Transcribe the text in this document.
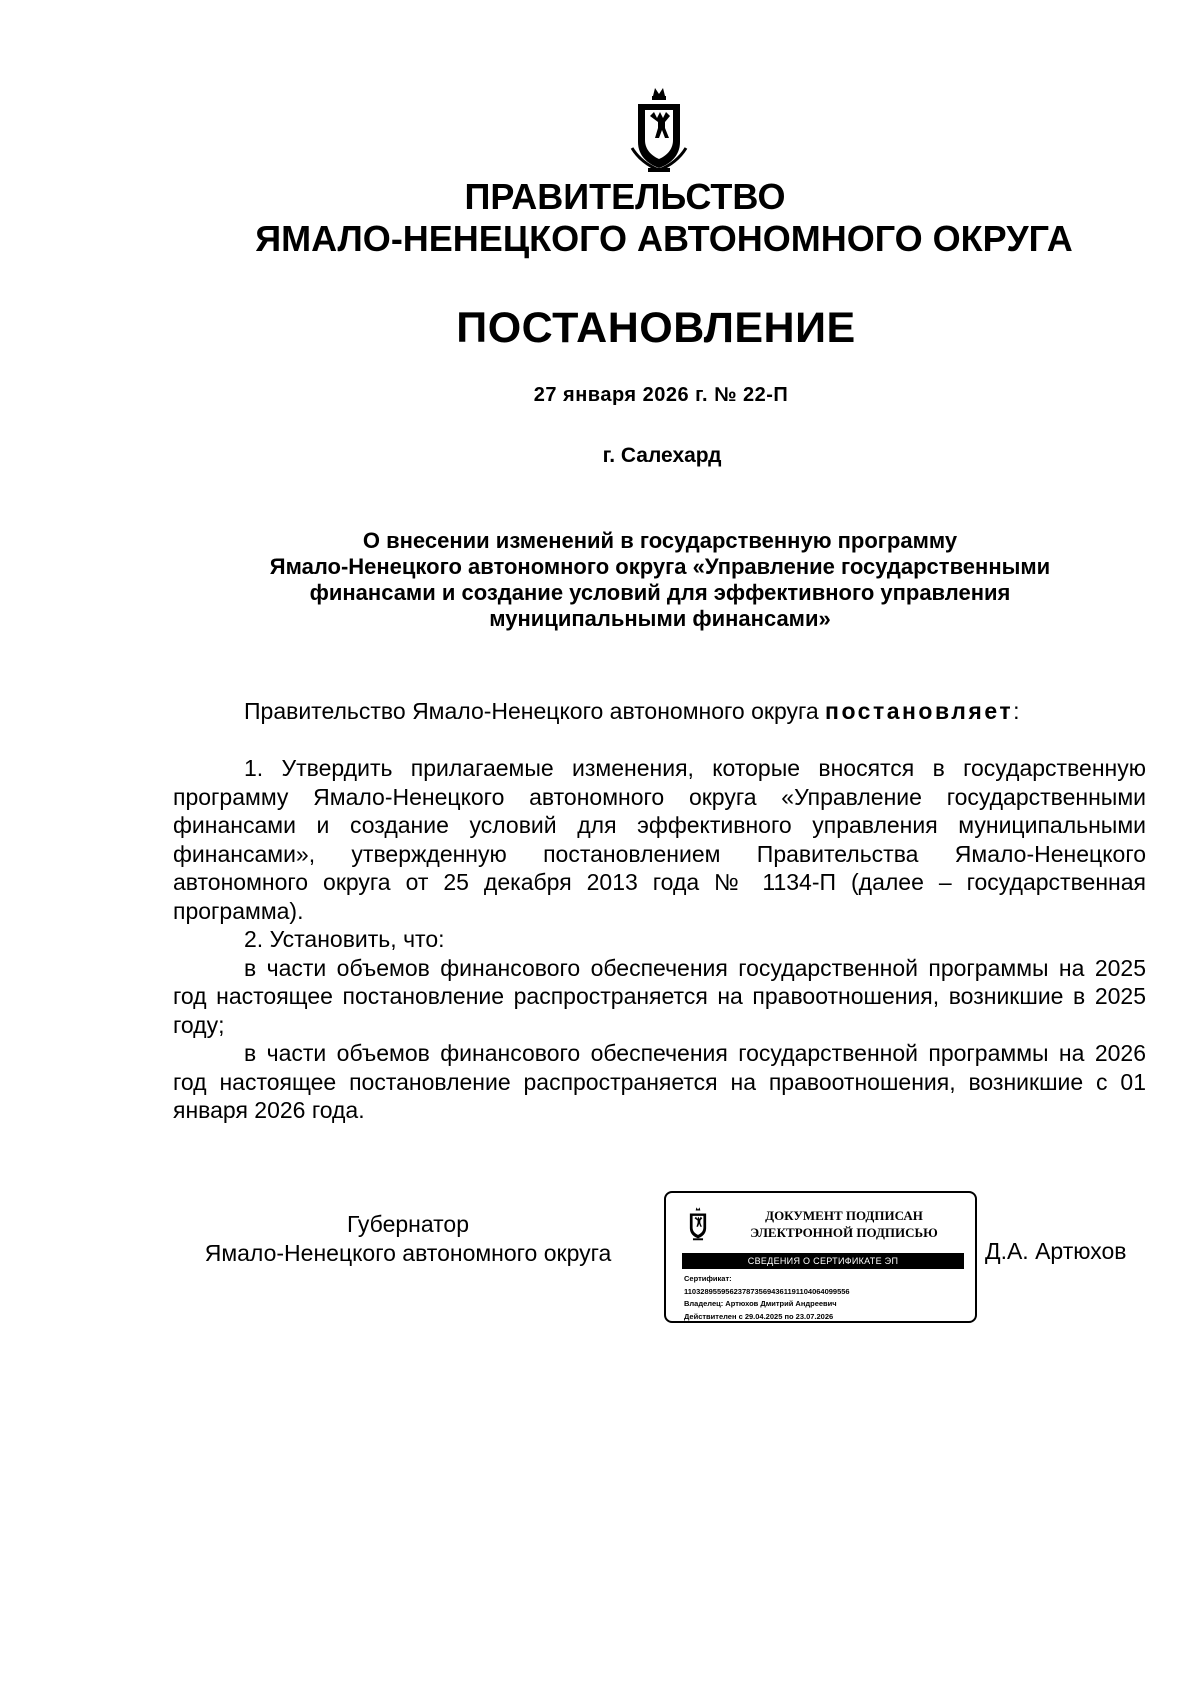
ПРАВИТЕЛЬСТВО
ЯМАЛО-НЕНЕЦКОГО АВТОНОМНОГО ОКРУГА
ПОСТАНОВЛЕНИЕ
27 января 2026 г. № 22-П
г. Салехард
О внесении изменений в государственную программу
Ямало-Ненецкого автономного округа «Управление государственными
финансами и создание условий для эффективного управления
муниципальными финансами»
Правительство Ямало-Ненецкого автономного округа постановляет:

1. Утвердить прилагаемые изменения, которые вносятся в государственную программу Ямало-Ненецкого автономного округа «Управление государственными финансами и создание условий для эффективного управления муниципальными финансами», утвержденную постановлением Правительства Ямало-Ненецкого автономного округа от 25 декабря 2013 года № 1134-П (далее – государственная программа).

2. Установить, что:

в части объемов финансового обеспечения государственной программы на 2025 год настоящее постановление распространяется на правоотношения, возникшие в 2025 году;

в части объемов финансового обеспечения государственной программы на 2026 год настоящее постановление распространяется на правоотношения, возникшие с 01 января 2026 года.

Губернатор
Ямало-Ненецкого автономного округа
ДОКУМЕНТ ПОДПИСАН
ЭЛЕКТРОННОЙ ПОДПИСЬЮ
СВЕДЕНИЯ О СЕРТИФИКАТЕ ЭП
Сертификат:
1103289559562378735694361191104064099556
Владелец: Артюхов Дмитрий Андреевич
Действителен с 29.04.2025 по 23.07.2026
Д.А. Артюхов
